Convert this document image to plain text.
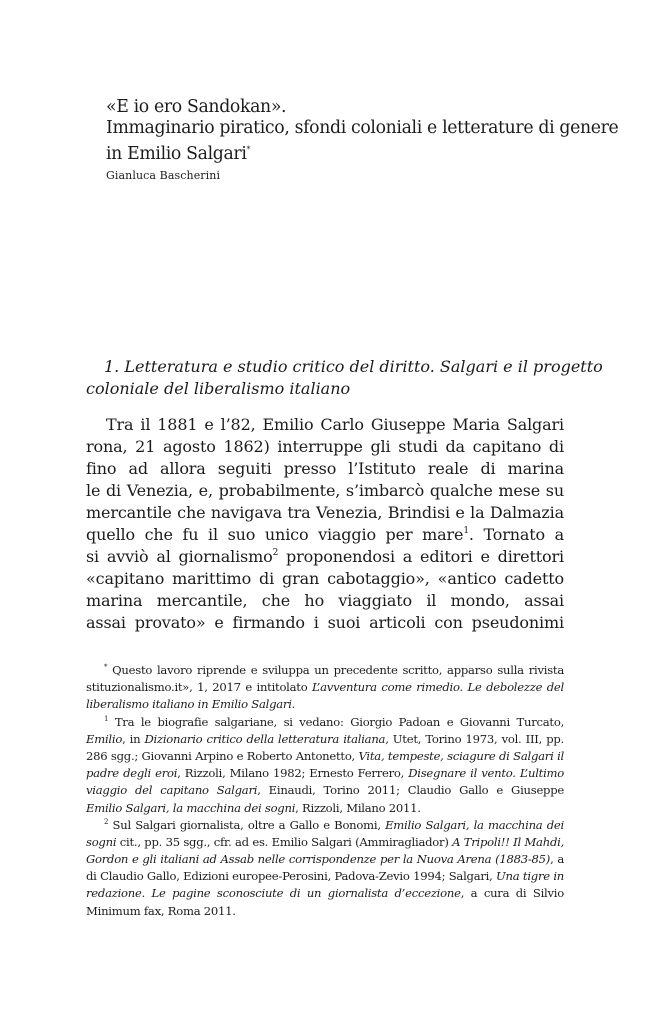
«E io ero Sandokan».
Immaginario piratico, sfondi coloniali e letterature di genere
in Emilio Salgari*
Gianluca Bascherini
1. Letteratura e studio critico del diritto. Salgari e il progetto
coloniale del liberalismo italiano
Tra il 1881 e l’82, Emilio Carlo Giuseppe Maria Salgari
rona, 21 agosto 1862) interruppe gli studi da capitano di
fino ad allora seguiti presso l’Istituto reale di marina
le di Venezia, e, probabilmente, s’imbarcò qualche mese su
mercantile che navigava tra Venezia, Brindisi e la Dalmazia
quello che fu il suo unico viaggio per mare$^1$. Tornato a
si avviò al giornalismo$^2$ proponendosi a editori e direttori
«capitano marittimo di gran cabotaggio», «antico cadetto
marina mercantile, che ho viaggiato il mondo, assai
assai provato» e firmando i suoi articoli con pseudonimi
* Questo lavoro riprende e sviluppa un precedente scritto, apparso sulla rivista
stituzionalismo.it», 1, 2017 e intitolato L’avventura come rimedio. Le debolezze del
liberalismo italiano in Emilio Salgari.
$^1$ Tra le biografie salgariane, si vedano: Giorgio Padoan e Giovanni Turcato,
Emilio, in Dizionario critico della letteratura italiana, Utet, Torino 1973, vol. III, pp.
286 sgg.; Giovanni Arpino e Roberto Antonetto, Vita, tempeste, sciagure di Salgari il
padre degli eroi, Rizzoli, Milano 1982; Ernesto Ferrero, Disegnare il vento. L’ultimo
viaggio del capitano Salgari, Einaudi, Torino 2011; Claudio Gallo e Giuseppe
Emilio Salgari, la macchina dei sogni, Rizzoli, Milano 2011.
$^2$ Sul Salgari giornalista, oltre a Gallo e Bonomi, Emilio Salgari, la macchina dei
sogni cit., pp. 35 sgg., cfr. ad es. Emilio Salgari (Ammiragliador) A Tripoli!! Il Mahdi,
Gordon e gli italiani ad Assab nelle corrispondenze per la Nuova Arena (1883-85), a
di Claudio Gallo, Edizioni europee-Perosini, Padova-Zevio 1994; Salgari, Una tigre in
redazione. Le pagine sconosciute di un giornalista d’eccezione, a cura di Silvio
Minimum fax, Roma 2011.
